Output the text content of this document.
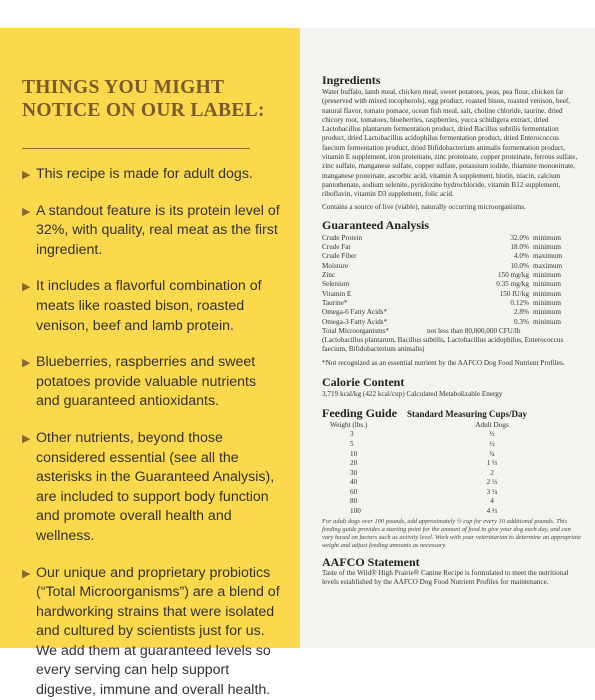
THINGS YOU MIGHT
NOTICE ON OUR LABEL:
▶ This recipe is made for adult dogs.
▶ A standout feature is its protein level of 32%, with quality, real meat as the first ingredient.
▶ It includes a flavorful combination of meats like roasted bison, roasted venison, beef and lamb protein.
▶ Blueberries, raspberries and sweet potatoes provide valuable nutrients and guaranteed antioxidants.
▶ Other nutrients, beyond those considered essential (see all the asterisks in the Guaranteed Analysis), are included to support body function and promote overall health and wellness.
▶ Our unique and proprietary probiotics (“Total Microorganisms”) are a blend of hardworking strains that were isolated and cultured by scientists just for us. We add them at guaranteed levels so every serving can help support digestive, immune and overall health.
Ingredients
Water buffalo, lamb meal, chicken meal, sweet potatoes, peas, pea flour, chicken fat (preserved with mixed tocopherols), egg product, roasted bison, roasted venison, beef, natural flavor, tomato pomace, ocean fish meal, salt, choline chloride, taurine, dried chicory root, tomatoes, blueberries, raspberries, yucca schidigera extract, dried Lactobacillus plantarum fermentation product, dried Bacillus subtilis fermentation product, dried Lactobacillus acidophilus fermentation product, dried Enterococcus faecium fermentation product, dried Bifidobacterium animalis fermentation product, vitamin E supplement, iron proteinate, zinc proteinate, copper proteinate, ferrous sulfate, zinc sulfate, manganese sulfate, copper sulfate, potassium iodide, thiamine mononitrate, manganese proteinate, ascorbic acid, vitamin A supplement, biotin, niacin, calcium pantothenate, sodium selenite, pyridoxine hydrochloride, vitamin B12 supplement, riboflavin, vitamin D3 supplement, folic acid.
Contains a source of live (viable), naturally occurring microorganisms.
Guaranteed Analysis
Crude Protein	32.0% minimum
Crude Fat	18.0% minimum
Crude Fiber	4.0% maximum
Moisture	10.0% maximum
Zinc	150 mg/kg minimum
Selenium	0.35 mg/kg minimum
Vitamin E	150 IU/kg minimum
Taurine*	0.12% minimum
Omega-6 Fatty Acids*	2.8% minimum
Omega-3 Fatty Acids*	0.3% minimum
Total Microorganisms*	not less than 80,000,000 CFU/lb
(Lactobacillus plantarum, Bacillus subtilis, Lactobacillus acidophilus, Enterococcus faecium, Bifidobacterium animalis)
*Not recognized as an essential nutrient by the AAFCO Dog Food Nutrient Profiles.
Calorie Content
3,719 kcal/kg (422 kcal/cup) Calculated Metabolizable Energy
Feeding Guide Standard Measuring Cups/Day
Weight (lbs.)	Adult Dogs
3	⅓
5	½
10	¾
20	1 ⅓
30	2
40	2 ½
60	3 ¼
80	4
100	4 ⅔
For adult dogs over 100 pounds, add approximately ½ cup for every 10 additional pounds. This feeding guide provides a starting point for the amount of food to give your dog each day, and can vary based on factors such as activity level. Work with your veterinarian to determine an appropriate weight and adjust feeding amounts as necessary.
AAFCO Statement
Taste of the Wild® High Prairie® Canine Recipe is formulated to meet the nutritional levels established by the AAFCO Dog Food Nutrient Profiles for maintenance.
